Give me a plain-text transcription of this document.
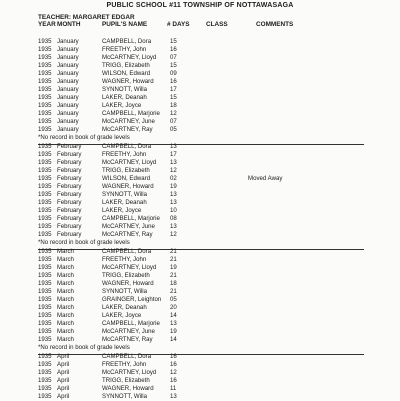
PUBLIC SCHOOL #11 TOWNSHIP OF NOTTAWASAGA
TEACHER: MARGARET EDGAR
YEAR MONTH	PUPIL'S NAME	# DAYS	CLASS	COMMENTS
1935 January	CAMPBELL, Dora	15
1935 January	FREETHY, John	16
1935 January	McCARTNEY, Lloyd 07
1935 January	TRIGG, Elizabeth	15
1935 January	WILSON, Edward	09
1935 January	WAGNER, Howard	16
1935 January	SYNNOTT, Willa	17
1935 January	LAKER, Deanah	15
1935 January	LAKER, Joyce	18
1935 January	CAMPBELL, Marjorie 12
1935 January	McCARTNEY, June 07
1935 January	McCARTNEY, Ray	05
*No record in book of grade levels
1935 February	CAMPBELL, Dora	13
1935 February	FREETHY, John	17
1935 February	McCARTNEY, Lloyd 13
1935 February	TRIGG, Elizabeth	12
1935 February	WILSON, Edward	02	Moved Away
1935 February	WAGNER, Howard	19
1935 February	SYNNOTT, Willa	13
1935 February	LAKER, Deanah	13
1935 February	LAKER, Joyce	10
1935 February	CAMPBELL, Marjorie 08
1935 February	McCARTNEY, June 13
1935 February	McCARTNEY, Ray	12
*No record in book of grade levels
1935 March	CAMPBELL, Dora	21
1935 March	FREETHY, John	21
1935 March	McCARTNEY, Lloyd 19
1935 March	TRIGG, Elizabeth	21
1935 March	WAGNER, Howard	18
1935 March	SYNNOTT, Willa	21
1935 March	GRAINGER, Leighton 05
1935 March	LAKER, Deanah	20
1935 March	LAKER, Joyce	14
1935 March	CAMPBELL, Marjorie 13
1935 March	McCARTNEY, June 19
1935 March	McCARTNEY, Ray	14
*No record in book of grade levels
1935 April	CAMPBELL, Dora	16
1935 April	FREETHY, John	16
1935 April	McCARTNEY, Lloyd 12
1935 April	TRIGG, Elizabeth	16
1935 April	WAGNER, Howard	11
1935 April	SYNNOTT, Willa	13
